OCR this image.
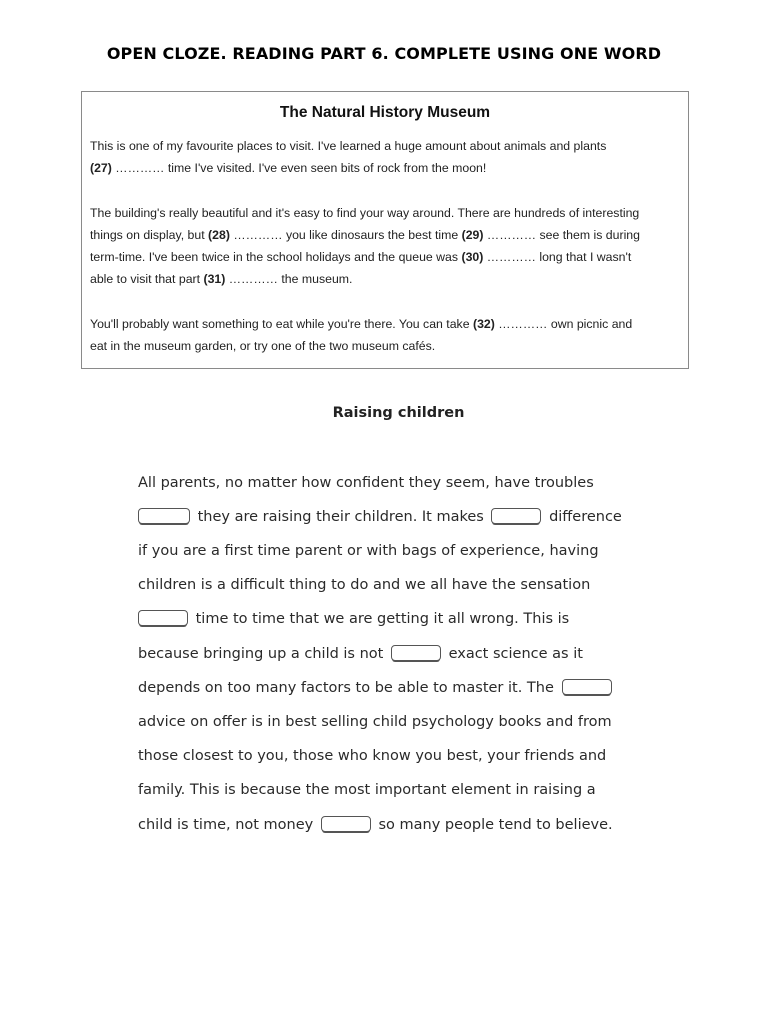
OPEN CLOZE. READING PART 6. COMPLETE USING ONE WORD
The Natural History Museum
This is one of my favourite places to visit. I've learned a huge amount about animals and plants
(27) ………… time I've visited. I've even seen bits of rock from the moon!
The building's really beautiful and it's easy to find your way around. There are hundreds of interesting
things on display, but (28) ………… you like dinosaurs the best time (29) ………… see them is during
term-time. I've been twice in the school holidays and the queue was (30) ………… long that I wasn't
able to visit that part (31) ………… the museum.
You'll probably want something to eat while you're there. You can take (32) ………… own picnic and
eat in the museum garden, or try one of the two museum cafés.
Raising children
All parents, no matter how confident they seem, have troubles
they are raising their children. It makes	difference
if you are a first time parent or with bags of experience, having
children is a difficult thing to do and we all have the sensation
time to time that we are getting it all wrong. This is
because bringing up a child is not	exact science as it
depends on too many factors to be able to master it. The
advice on offer is in best selling child psychology books and from
those closest to you, those who know you best, your friends and
family. This is because the most important element in raising a
child is time, not money	so many people tend to believe.
